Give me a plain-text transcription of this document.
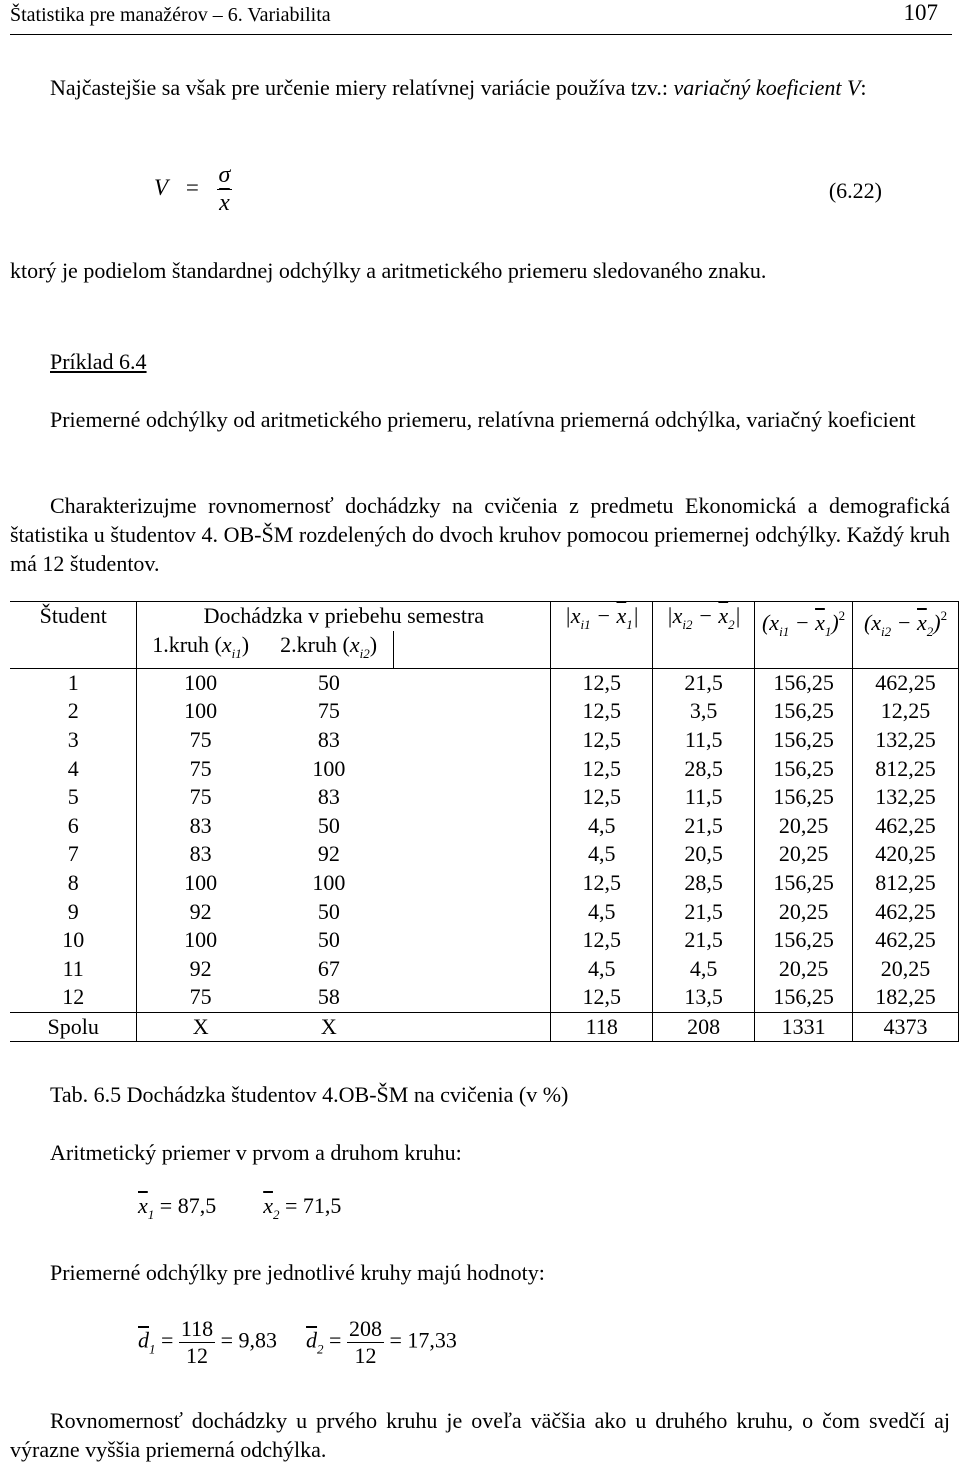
Štatistika pre manažérov – 6. Variabilita	107
Najčastejšie sa však pre určenie miery relatívnej variácie používa tzv.: variačný koeficient V:
$V = \frac{\sigma}{x}$	(6.22)
ktorý je podielom štandardnej odchýlky a aritmetického priemeru sledovaného znaku.
Príklad 6.4
Priemerné odchýlky od aritmetického priemeru, relatívna priemerná odchýlka, variačný koeficient
Charakterizujme rovnomernosť dochádzky na cvičenia z predmetu Ekonomická a demografická štatistika u študentov 4. OB-ŠM rozdelených do dvoch kruhov pomocou priemernej odchýlky. Každý kruh má 12 študentov.
Študent	Dochádzka v priebehu semestra			$|x_{i1} - \overline{x}_1|$	$|x_{i2} - \overline{x}_2|$	$(x_{i1} - \overline{x}_1)^2$	$(x_{i2} - \overline{x}_2)^2$
	1.kruh $(x_{i1})$	2.kruh $(x_{i2})$					
1	100	50		12,5	21,5	156,25	462,25
2	100	75		12,5	3,5	156,25	12,25
3	75	83		12,5	11,5	156,25	132,25
4	75	100		12,5	28,5	156,25	812,25
5	75	83		12,5	11,5	156,25	132,25
6	83	50		4,5	21,5	20,25	462,25
7	83	92		4,5	20,5	20,25	420,25
8	100	100		12,5	28,5	156,25	812,25
9	92	50		4,5	21,5	20,25	462,25
10	100	50		12,5	21,5	156,25	462,25
11	92	67		4,5	4,5	20,25	20,25
12	75	58		12,5	13,5	156,25	182,25
Spolu	X	X		118	208	1331	4373
Tab. 6.5 Dochádzka študentov 4.OB-ŠM na cvičenia (v %)
Aritmetický priemer v prvom a druhom kruhu:
$\overline{x}_1 = 87,5$ $\overline{x}_2 = 71,5$
Priemerné odchýlky pre jednotlivé kruhy majú hodnoty:
$\overline{d}_1 = \frac{118}{12} = 9,83$ $\overline{d}_2 = \frac{208}{12} = 17,33$
Rovnomernosť dochádzky u prvého kruhu je oveľa väčšia ako u druhého kruhu, o čom svedčí aj výrazne vyššia priemerná odchýlka.
